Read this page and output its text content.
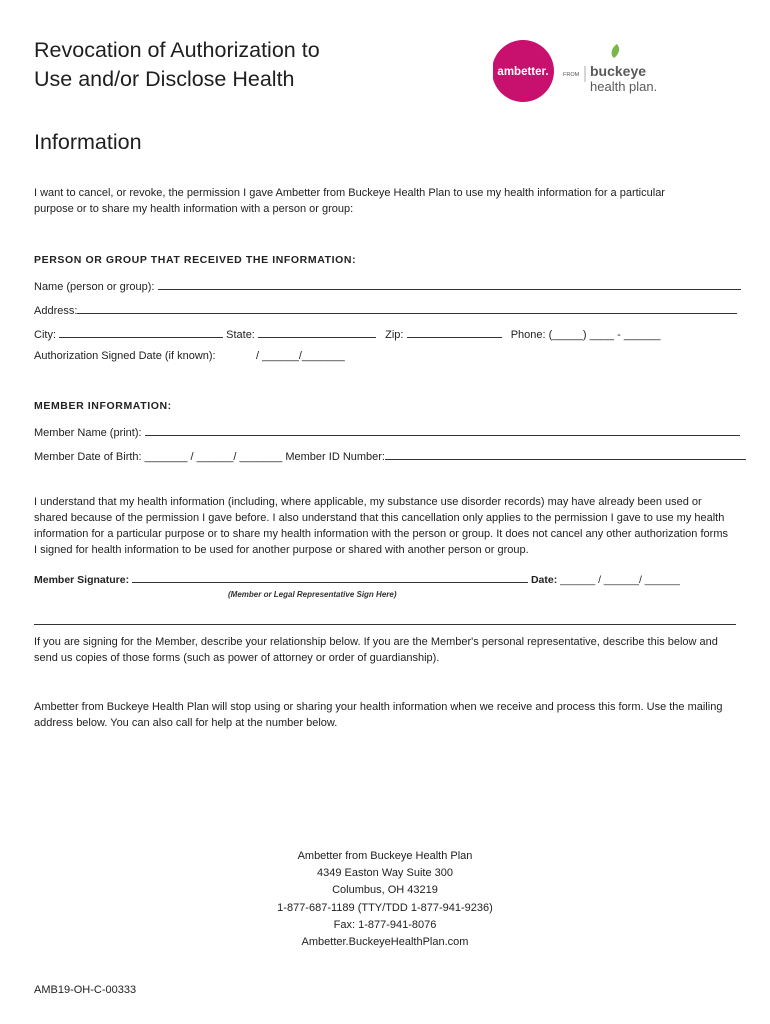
Revocation of Authorization to
Use and/or Disclose Health
Information
ambetter.	FROM buckeye
health plan.
I want to cancel, or revoke, the permission I gave Ambetter from Buckeye Health Plan to use my health information for a particular purpose or to share my health information with a person or group:
PERSON OR GROUP THAT RECEIVED THE INFORMATION:
Name (person or group):
Address:
City:	State:	Zip:	Phone: (_____) ____ - ______
Authorization Signed Date (if known):	/ ______/_______
MEMBER INFORMATION:
Member Name (print):
Member Date of Birth: _______ / ______/ _______ Member ID Number:
I understand that my health information (including, where applicable, my substance use disorder records) may have already been used or shared because of the permission I gave before. I also understand that this cancellation only applies to the permission I gave to use my health information for a particular purpose or to share my health information with the person or group. It does not cancel any other authorization forms I signed for health information to be used for another purpose or shared with another person or group.
Member Signature:	Date: ______ / ______/ ______
(Member or Legal Representative Sign Here)
If you are signing for the Member, describe your relationship below. If you are the Member's personal representative, describe this below and send us copies of those forms (such as power of attorney or order of guardianship).
Ambetter from Buckeye Health Plan will stop using or sharing your health information when we receive and process this form. Use the mailing address below. You can also call for help at the number below.
Ambetter from Buckeye Health Plan
4349 Easton Way Suite 300
Columbus, OH 43219
1-877-687-1189 (TTY/TDD 1-877-941-9236)
Fax: 1-877-941-8076
Ambetter.BuckeyeHealthPlan.com
AMB19-OH-C-00333
